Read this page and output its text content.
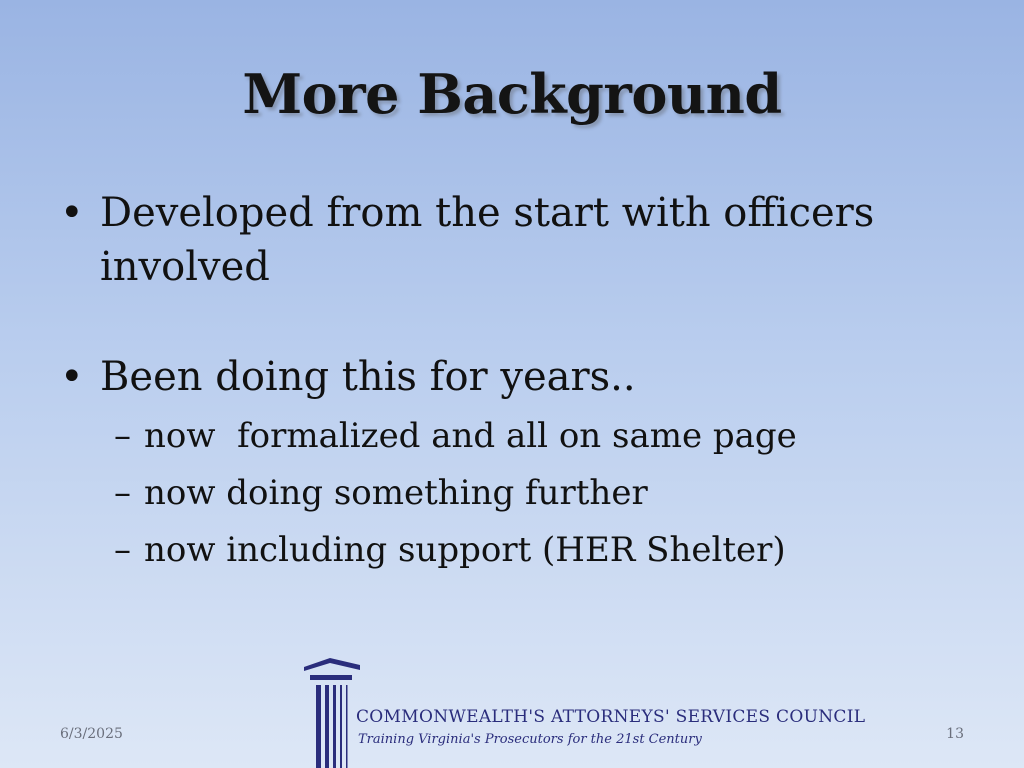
More Background
• Developed from the start with officers involved
• Been doing this for years..
– now  formalized and all on same page
– now doing something further
– now including support (HER Shelter)
COMMONWEALTH'S ATTORNEYS' SERVICES COUNCIL
Training Virginia's Prosecutors for the 21st Century
6/3/2025	13
